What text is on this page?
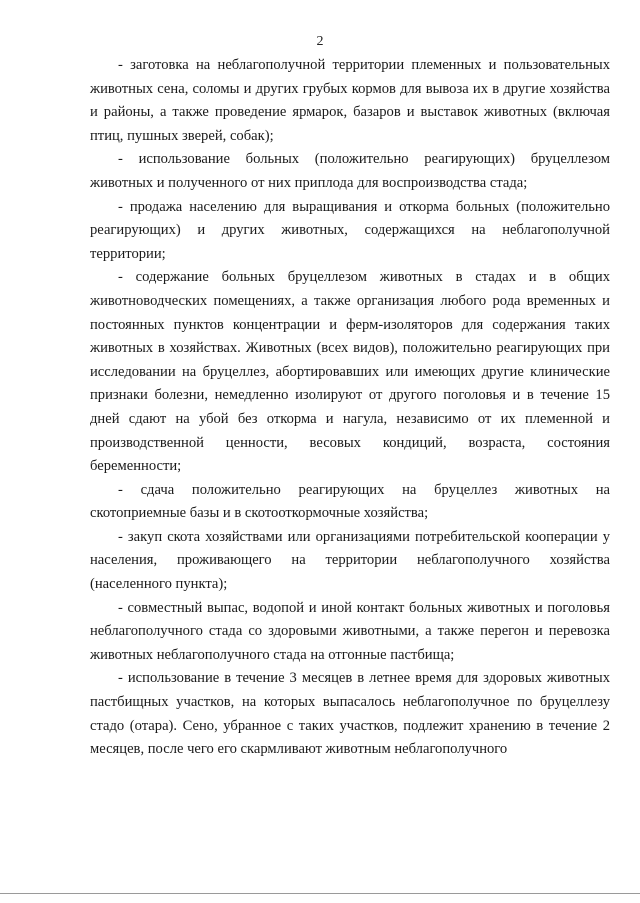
2

- заготовка на неблагополучной территории племенных и пользовательных животных сена, соломы и других грубых кормов для вывоза их в другие хозяйства и районы, а также проведение ярмарок, базаров и выставок животных (включая птиц, пушных зверей, собак);

- использование больных (положительно реагирующих) бруцеллезом животных и полученного от них приплода для воспроизводства стада;

- продажа населению для выращивания и откорма больных (положительно реагирующих) и других животных, содержащихся на неблагополучной территории;

- содержание больных бруцеллезом животных в стадах и в общих животноводческих помещениях, а также организация любого рода временных и постоянных пунктов концентрации и ферм-изоляторов для содержания таких животных в хозяйствах. Животных (всех видов), положительно реагирующих при исследовании на бруцеллез, абортировавших или имеющих другие клинические признаки болезни, немедленно изолируют от другого поголовья и в течение 15 дней сдают на убой без откорма и нагула, независимо от их племенной и производственной ценности, весовых кондиций, возраста, состояния беременности;

- сдача положительно реагирующих на бруцеллез животных на скотоприемные базы и в скотооткормочные хозяйства;

- закуп скота хозяйствами или организациями потребительской кооперации у населения, проживающего на территории неблагополучного хозяйства (населенного пункта);

- совместный выпас, водопой и иной контакт больных животных и поголовья неблагополучного стада со здоровыми животными, а также перегон и перевозка животных неблагополучного стада на отгонные пастбища;

- использование в течение 3 месяцев в летнее время для здоровых животных пастбищных участков, на которых выпасалось неблагополучное по бруцеллезу стадо (отара). Сено, убранное с таких участков, подлежит хранению в течение 2 месяцев, после чего его скармливают животным неблагополучного
